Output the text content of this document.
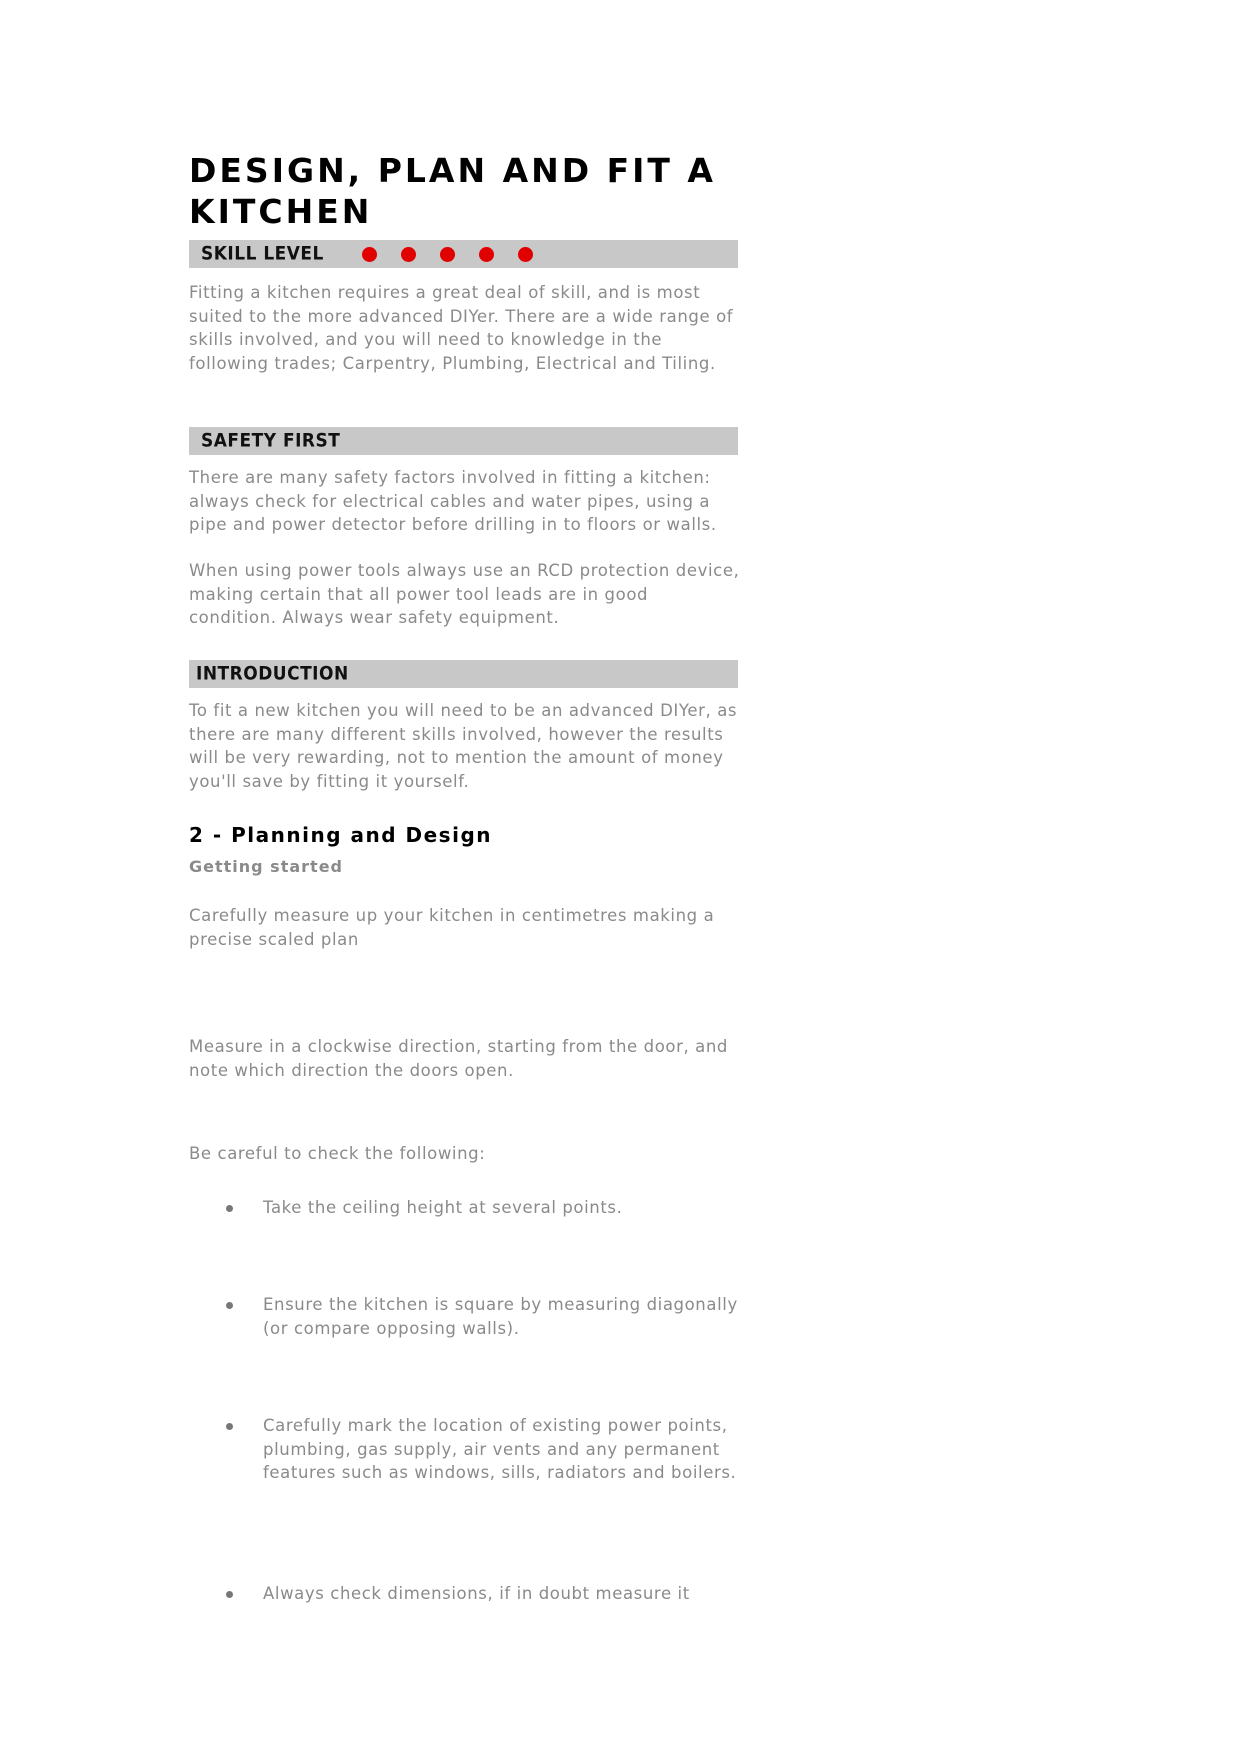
DESIGN, PLAN AND FIT A
KITCHEN
SKILL LEVEL

Fitting a kitchen requires a great deal of skill, and is most suited to the more advanced DIYer. There are a wide range of skills involved, and you will need to knowledge in the following trades; Carpentry, Plumbing, Electrical and Tiling.

SAFETY FIRST

There are many safety factors involved in fitting a kitchen: always check for electrical cables and water pipes, using a pipe and power detector before drilling in to floors or walls.

When using power tools always use an RCD protection device, making certain that all power tool leads are in good condition. Always wear safety equipment.

INTRODUCTION

To fit a new kitchen you will need to be an advanced DIYer, as there are many different skills involved, however the results will be very rewarding, not to mention the amount of money you'll save by fitting it yourself.

2 - Planning and Design
Getting started

Carefully measure up your kitchen in centimetres making a precise scaled plan

Measure in a clockwise direction, starting from the door, and note which direction the doors open.

Be careful to check the following:

Take the ceiling height at several points.

Ensure the kitchen is square by measuring diagonally (or compare opposing walls).

Carefully mark the location of existing power points, plumbing, gas supply, air vents and any permanent features such as windows, sills, radiators and boilers.

Always check dimensions, if in doubt measure it
